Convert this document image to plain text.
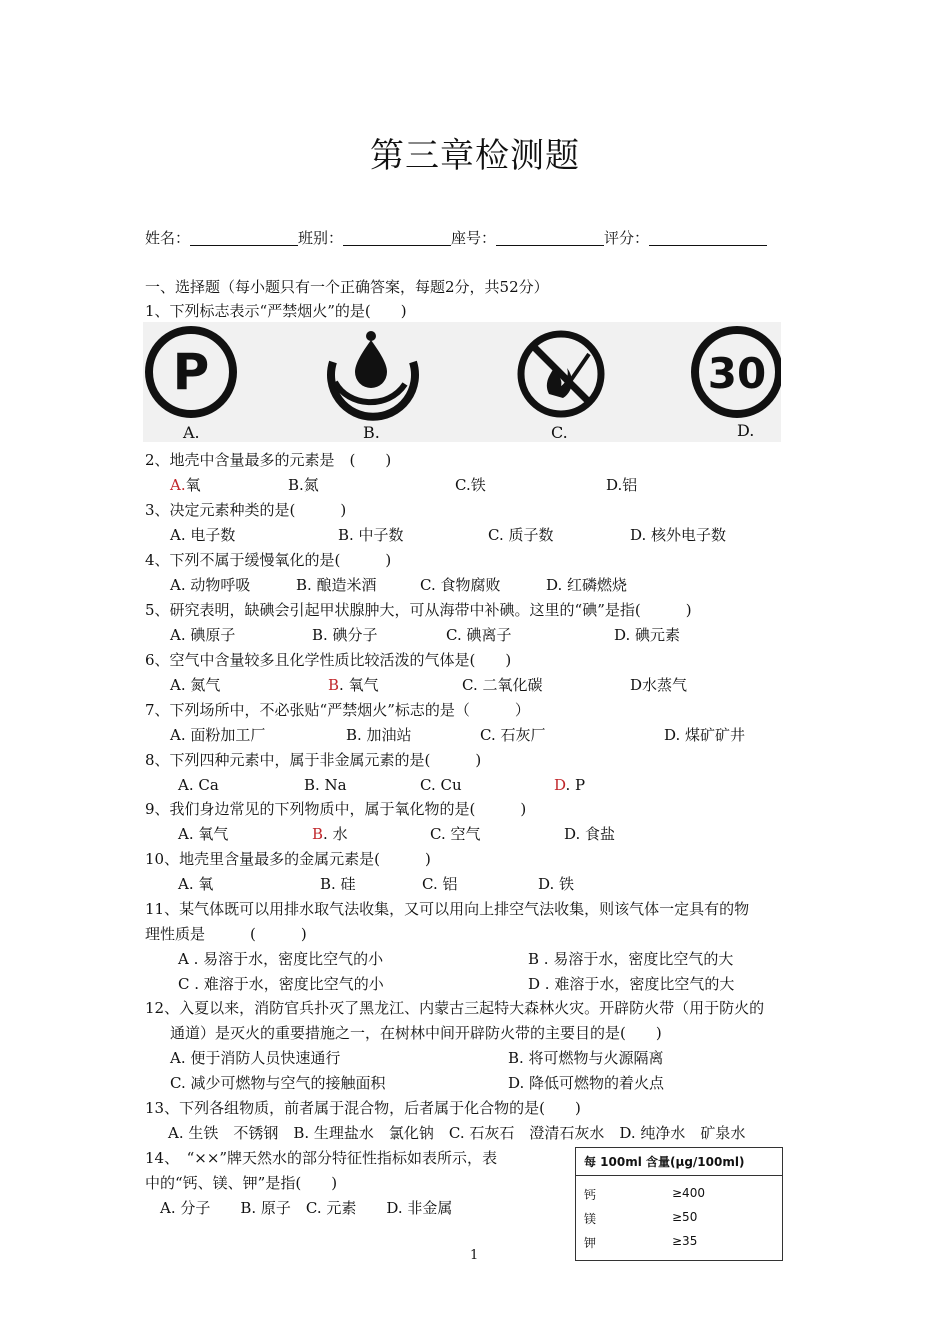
第三章检测题
姓名：	班别：	座号：	评分：
一、选择题（每小题只有一个正确答案，每题2分，共52分）
1、下列标志表示“严禁烟火”的是(　　)
P	30
A.	B.	C.	D.
2、地壳中含量最多的元素是　(　　)
A.氧	B.氮	C.铁	D.铝
3、决定元素种类的是(　　　)
A. 电子数	B. 中子数	C. 质子数	D. 核外电子数
4、下列不属于缓慢氧化的是(　　　)
A. 动物呼吸	B. 酿造米酒	C. 食物腐败	D. 红磷燃烧
5、研究表明，缺碘会引起甲状腺肿大，可从海带中补碘。这里的“碘”是指(　　　)
A. 碘原子	B. 碘分子	C. 碘离子	D. 碘元素
6、空气中含量较多且化学性质比较活泼的气体是(　　)
A. 氮气	B. 氧气	C. 二氧化碳	D水蒸气
7、下列场所中，不必张贴“严禁烟火”标志的是（　　　）
A. 面粉加工厂	B. 加油站	C. 石灰厂	D. 煤矿矿井
8、下列四种元素中，属于非金属元素的是(　　　)
A. Ca	B. Na	C. Cu	D. P
9、我们身边常见的下列物质中，属于氧化物的是(　　　)
A. 氧气	B. 水	C. 空气	D. 食盐
10、地壳里含量最多的金属元素是(　　　)
A. 氧	B. 硅	C. 铝	D. 铁
11、某气体既可以用排水取气法收集，又可以用向上排空气法收集，则该气体一定具有的物
理性质是　　　(　　　)
A . 易溶于水，密度比空气的小	B . 易溶于水，密度比空气的大
C . 难溶于水，密度比空气的小	D . 难溶于水，密度比空气的大
12、入夏以来，消防官兵扑灭了黑龙江、内蒙古三起特大森林火灾。开辟防火带（用于防火的
通道）是灭火的重要措施之一，在树林中间开辟防火带的主要目的是(　　)
A. 便于消防人员快速通行	B. 将可燃物与火源隔离
C. 减少可燃物与空气的接触面积	D. 降低可燃物的着火点
13、下列各组物质，前者属于混合物，后者属于化合物的是(　　)
A. 生铁　不锈钢　B. 生理盐水　氯化钠　C. 石灰石　澄清石灰水　D. 纯净水　矿泉水
14、　“××”牌天然水的部分特征性指标如表所示，表
中的“钙、镁、钾”是指(　　)
A. 分子　　B. 原子　C. 元素　　D. 非金属
每 100ml 含量(μg/100ml)
钙	≥400
镁	≥50
钾	≥35
1
